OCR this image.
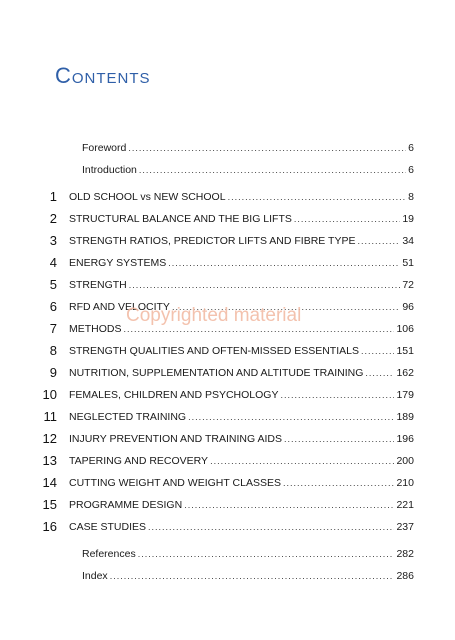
Contents
Foreword .....	6
Introduction .....	6
1 OLD SCHOOL vs NEW SCHOOL .....	8
2 STRUCTURAL BALANCE AND THE BIG LIFTS .....	19
3 STRENGTH RATIOS, PREDICTOR LIFTS AND FIBRE TYPE .....	34
4 ENERGY SYSTEMS .....	51
5 STRENGTH .....	72
6 RFD AND VELOCITY .....	96
7 METHODS .....	106
8 STRENGTH QUALITIES AND OFTEN-MISSED ESSENTIALS .....	151
9 NUTRITION, SUPPLEMENTATION AND ALTITUDE TRAINING .....	162
10 FEMALES, CHILDREN AND PSYCHOLOGY .....	179
11 NEGLECTED TRAINING .....	189
12 INJURY PREVENTION AND TRAINING AIDS .....	196
13 TAPERING AND RECOVERY .....	200
14 CUTTING WEIGHT AND WEIGHT CLASSES .....	210
15 PROGRAMME DESIGN .....	221
16 CASE STUDIES .....	237
References .....	282
Index .....	286
Copyrighted material
